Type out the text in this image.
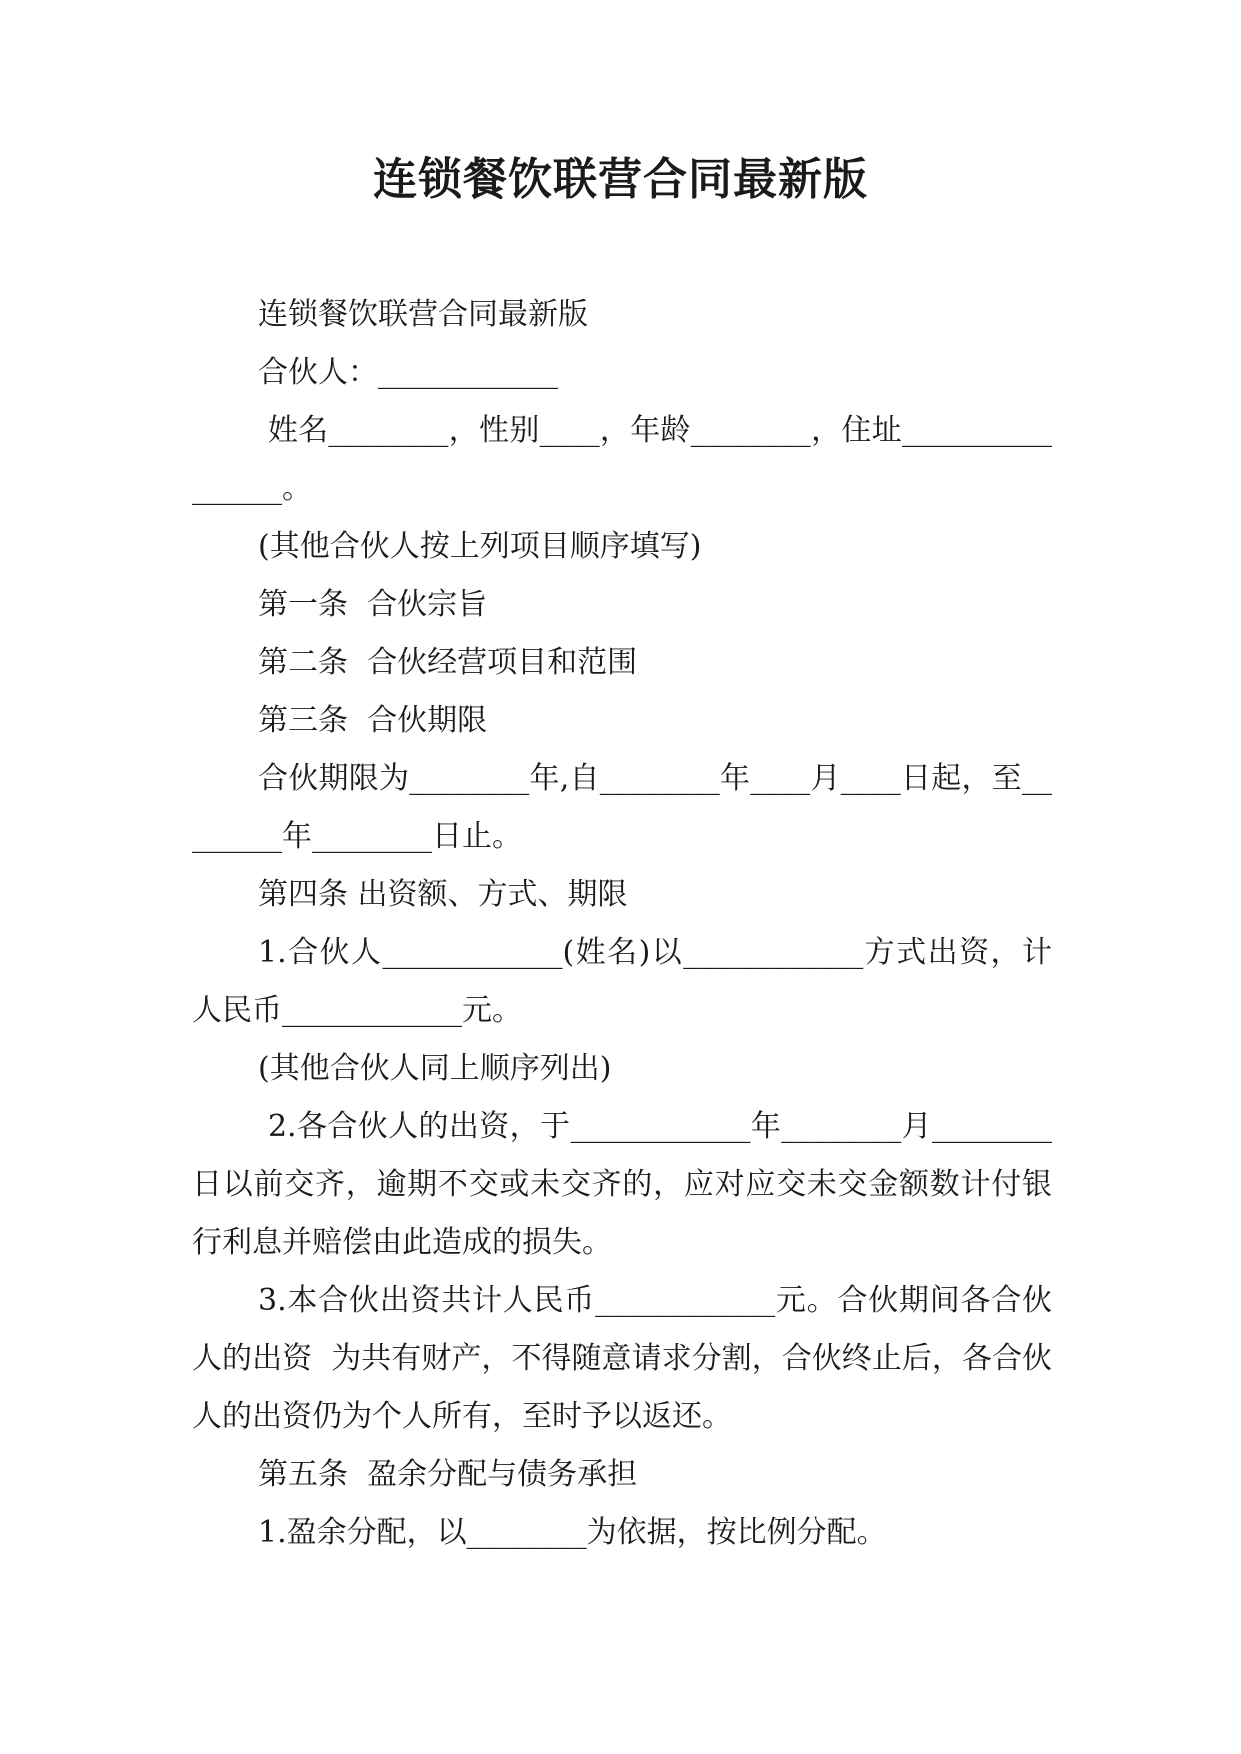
连锁餐饮联营合同最新版

连锁餐饮联营合同最新版

合伙人：____________

姓名________，性别____，年龄________，住址________________。

(其他合伙人按上列项目顺序填写)

第一条  合伙宗旨

第二条  合伙经营项目和范围

第三条  合伙期限

合伙期限为________年,自________年____月____日起，至________年________日止。

第四条 出资额、方式、期限

1.合伙人____________(姓名)以____________方式出资，计人民币____________元。

(其他合伙人同上顺序列出)

2.各合伙人的出资，于____________年________月________日以前交齐，逾期不交或未交齐的，应对应交未交金额数计付银行利息并赔偿由此造成的损失。

3.本合伙出资共计人民币____________元。合伙期间各合伙人的出资  为共有财产，不得随意请求分割，合伙终止后，各合伙人的出资仍为个人所有，至时予以返还。

第五条  盈余分配与债务承担

1.盈余分配，以________为依据，按比例分配。
